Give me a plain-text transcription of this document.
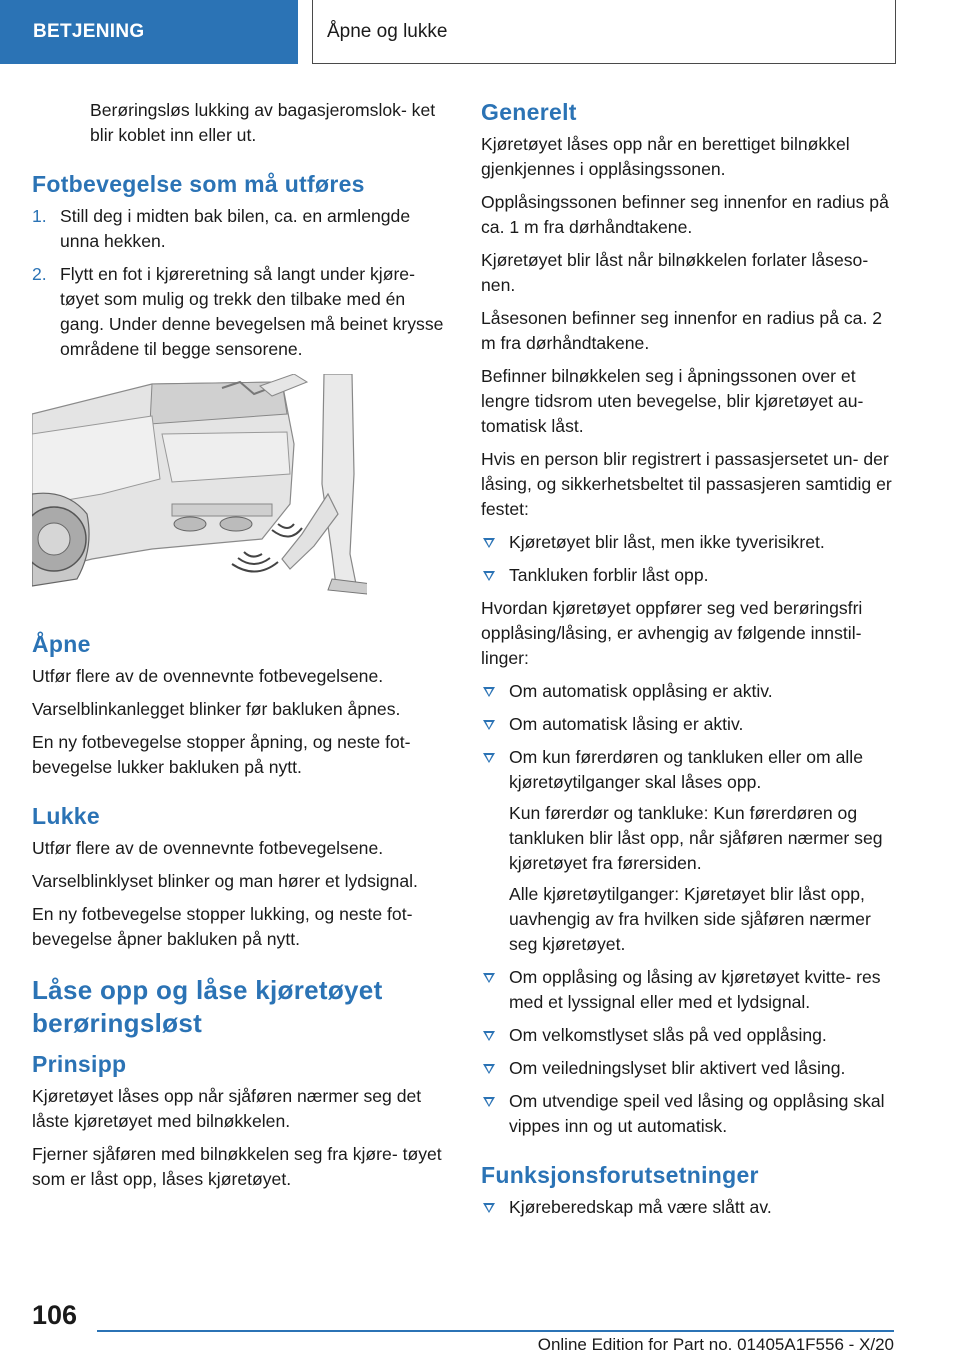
BETJENING	Åpne og lukke

Berøringsløs lukking av bagasjeromslok- ket blir koblet inn eller ut.

Fotbevegelse som må utføres
1. Still deg i midten bak bilen, ca. en armlengde unna hekken.
2. Flytt en fot i kjøreretning så langt under kjøre- tøyet som mulig og trekk den tilbake med én gang. Under denne bevegelsen må beinet krysse områdene til begge sensorene.
Åpne

Utfør flere av de ovennevnte fotbevegelsene.

Varselblinkanlegget blinker før bakluken åpnes.

En ny fotbevegelse stopper åpning, og neste fot- bevegelse lukker bakluken på nytt.

Lukke

Utfør flere av de ovennevnte fotbevegelsene.

Varselblinklyset blinker og man hører et lydsignal.

En ny fotbevegelse stopper lukking, og neste fot- bevegelse åpner bakluken på nytt.

Låse opp og låse kjøretøyet berøringsløst
Prinsipp

Kjøretøyet låses opp når sjåføren nærmer seg det låste kjøretøyet med bilnøkkelen.

Fjerner sjåføren med bilnøkkelen seg fra kjøre- tøyet som er låst opp, låses kjøretøyet.

Generelt

Kjøretøyet låses opp når en berettiget bilnøkkel gjenkjennes i opplåsingssonen.

Opplåsingssonen befinner seg innenfor en radius på ca. 1 m fra dørhåndtakene.

Kjøretøyet blir låst når bilnøkkelen forlater låseso- nen.

Låsesonen befinner seg innenfor en radius på ca. 2 m fra dørhåndtakene.

Befinner bilnøkkelen seg i åpningssonen over et lengre tidsrom uten bevegelse, blir kjøretøyet au- tomatisk låst.

Hvis en person blir registrert i passasjersetet un- der låsing, og sikkerhetsbeltet til passasjeren samtidig er festet:

Kjøretøyet blir låst, men ikke tyverisikret.
Tankluken forblir låst opp.

Hvordan kjøretøyet oppfører seg ved berøringsfri opplåsing/låsing, er avhengig av følgende innstil- linger:

Om automatisk opplåsing er aktiv.
Om automatisk låsing er aktiv.
Om kun førerdøren og tankluken eller om alle kjøretøytilganger skal låses opp.

Kun førerdør og tankluke: Kun førerdøren og tankluken blir låst opp, når sjåføren nærmer seg kjøretøyet fra førersiden.

Alle kjøretøytilganger: Kjøretøyet blir låst opp, uavhengig av fra hvilken side sjåføren nærmer seg kjøretøyet.

Om opplåsing og låsing av kjøretøyet kvitte- res med et lyssignal eller med et lydsignal.
Om velkomstlyset slås på ved opplåsing.
Om veiledningslyset blir aktivert ved låsing.
Om utvendige speil ved låsing og opplåsing skal vippes inn og ut automatisk.
Funksjonsforutsetninger
Kjøreberedskap må være slått av.
106
Online Edition for Part no. 01405A1F556 - X/20
